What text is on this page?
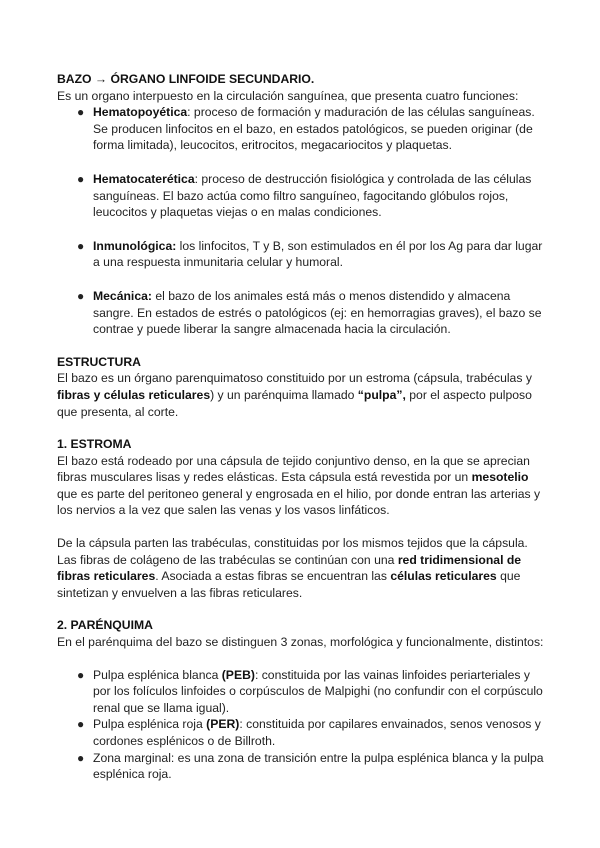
BAZO → ÓRGANO LINFOIDE SECUNDARIO.

Es un organo interpuesto en la circulación sanguínea, que presenta cuatro funciones:

● Hematopoyética: proceso de formación y maduración de las células sanguíneas. Se producen linfocitos en el bazo, en estados patológicos, se pueden originar (de forma limitada), leucocitos, eritrocitos, megacariocitos y plaquetas.
● Hematocaterética: proceso de destrucción fisiológica y controlada de las células sanguíneas. El bazo actúa como filtro sanguíneo, fagocitando glóbulos rojos, leucocitos y plaquetas viejas o en malas condiciones.
● Inmunológica: los linfocitos, T y B, son estimulados en él por los Ag para dar lugar a una respuesta inmunitaria celular y humoral.
● Mecánica: el bazo de los animales está más o menos distendido y almacena sangre. En estados de estrés o patológicos (ej: en hemorragias graves), el bazo se contrae y puede liberar la sangre almacenada hacia la circulación.
ESTRUCTURA

El bazo es un órgano parenquimatoso constituido por un estroma (cápsula, trabéculas y fibras y células reticulares) y un parénquima llamado “pulpa”, por el aspecto pulposo que presenta, al corte.

1. ESTROMA

El bazo está rodeado por una cápsula de tejido conjuntivo denso, en la que se aprecian fibras musculares lisas y redes elásticas. Esta cápsula está revestida por un mesotelio que es parte del peritoneo general y engrosada en el hilio, por donde entran las arterias y los nervios a la vez que salen las venas y los vasos linfáticos.

De la cápsula parten las trabéculas, constituidas por los mismos tejidos que la cápsula. Las fibras de colágeno de las trabéculas se continúan con una red tridimensional de fibras reticulares. Asociada a estas fibras se encuentran las células reticulares que sintetizan y envuelven a las fibras reticulares.

2. PARÉNQUIMA

En el parénquima del bazo se distinguen 3 zonas, morfológica y funcionalmente, distintos:

● Pulpa esplénica blanca (PEB): constituida por las vainas linfoides periarteriales y por los folículos linfoides o corpúsculos de Malpighi (no confundir con el corpúsculo renal que se llama igual).
● Pulpa esplénica roja (PER): constituida por capilares envainados, senos venosos y cordones esplénicos o de Billroth.
● Zona marginal: es una zona de transición entre la pulpa esplénica blanca y la pulpa esplénica roja.
